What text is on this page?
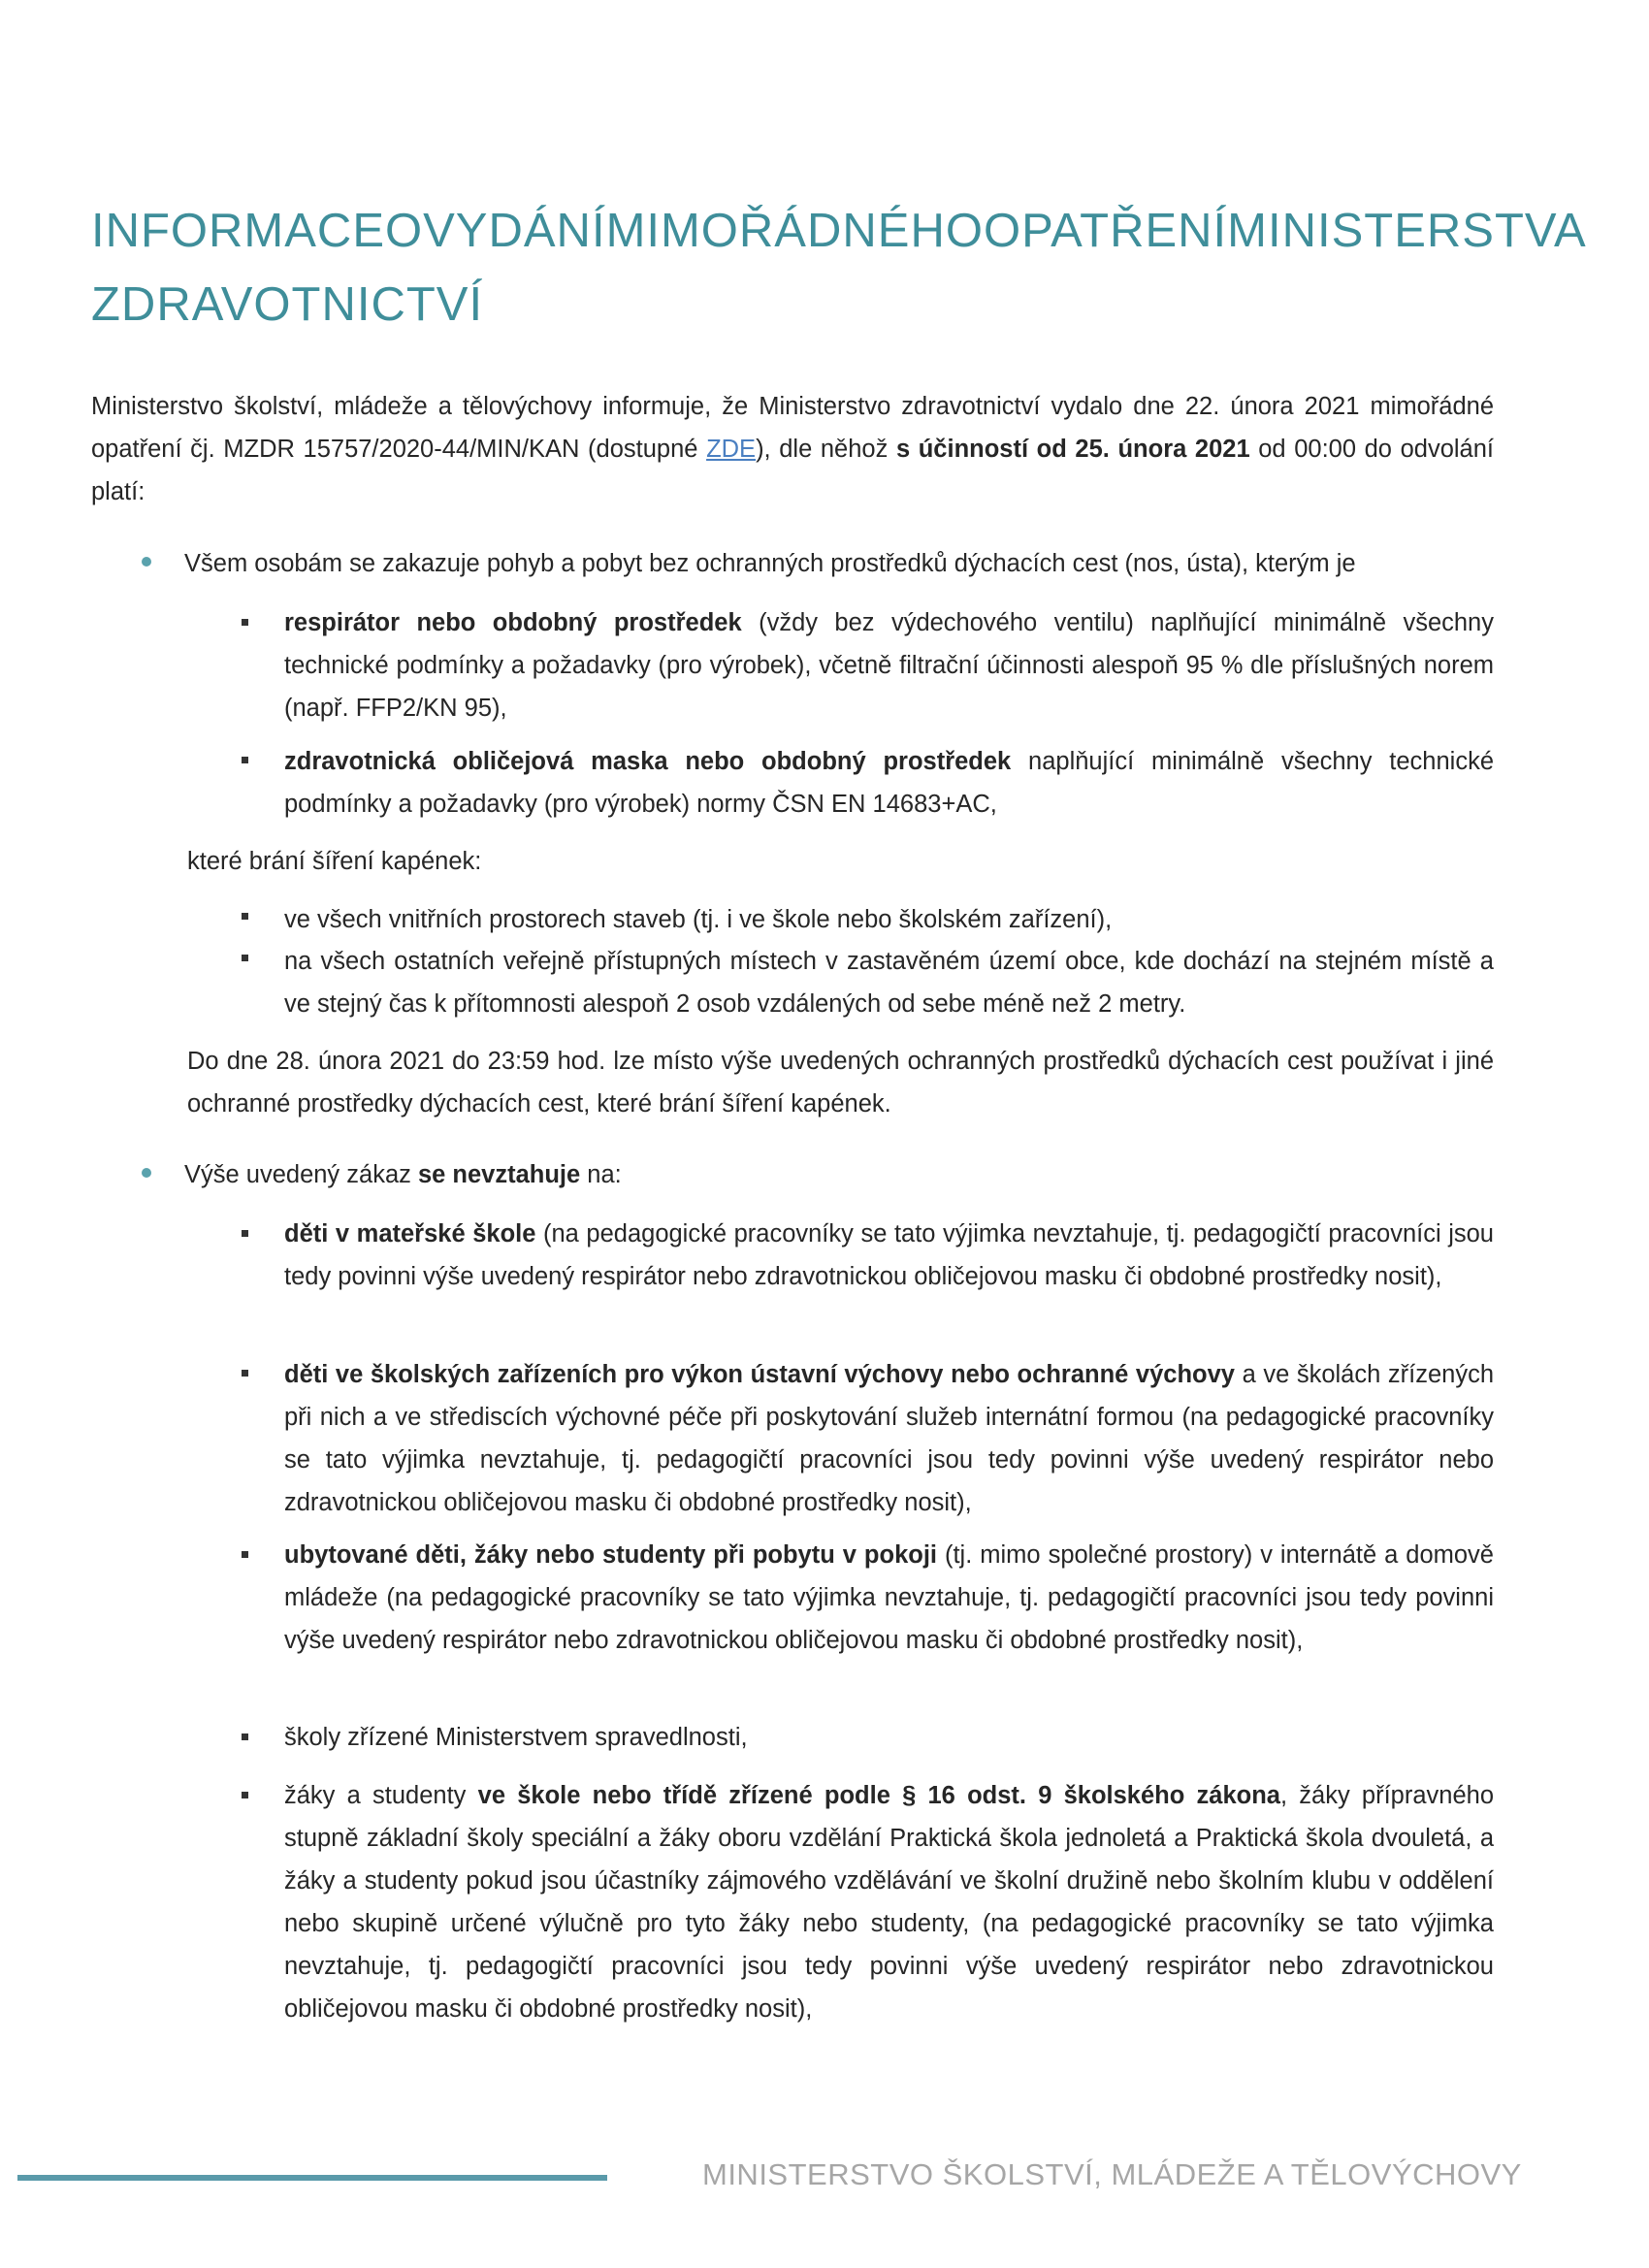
INFORMACE O VYDÁNÍ MIMOŘÁDNÉHO OPATŘENÍ MINISTERSTVA
ZDRAVOTNICTVÍ

Ministerstvo školství, mládeže a tělovýchovy informuje, že Ministerstvo zdravotnictví vydalo dne 22. února 2021 mimořádné opatření čj. MZDR 15757/2020-44/MIN/KAN (dostupné ZDE), dle něhož s účinností od 25. února 2021 od 00:00 do odvolání platí:

Všem osobám se zakazuje pohyb a pobyt bez ochranných prostředků dýchacích cest (nos, ústa), kterým je
respirátor nebo obdobný prostředek (vždy bez výdechového ventilu) naplňující minimálně všechny technické podmínky a požadavky (pro výrobek), včetně filtrační účinnosti alespoň 95 % dle příslušných norem (např. FFP2/KN 95),
zdravotnická obličejová maska nebo obdobný prostředek naplňující minimálně všechny technické podmínky a požadavky (pro výrobek) normy ČSN EN 14683+AC,
které brání šíření kapének:
ve všech vnitřních prostorech staveb (tj. i ve škole nebo školském zařízení),
na všech ostatních veřejně přístupných místech v zastavěném území obce, kde dochází na stejném místě a ve stejný čas k přítomnosti alespoň 2 osob vzdálených od sebe méně než 2 metry.
Do dne 28. února 2021 do 23:59 hod. lze místo výše uvedených ochranných prostředků dýchacích cest používat i jiné ochranné prostředky dýchacích cest, které brání šíření kapének.
Výše uvedený zákaz se nevztahuje na:
děti v mateřské škole (na pedagogické pracovníky se tato výjimka nevztahuje, tj. pedagogičtí pracovníci jsou tedy povinni výše uvedený respirátor nebo zdravotnickou obličejovou masku či obdobné prostředky nosit),
děti ve školských zařízeních pro výkon ústavní výchovy nebo ochranné výchovy a ve školách zřízených při nich a ve střediscích výchovné péče při poskytování služeb internátní formou (na pedagogické pracovníky se tato výjimka nevztahuje, tj. pedagogičtí pracovníci jsou tedy povinni výše uvedený respirátor nebo zdravotnickou obličejovou masku či obdobné prostředky nosit),
ubytované děti, žáky nebo studenty při pobytu v pokoji (tj. mimo společné prostory) v internátě a domově mládeže (na pedagogické pracovníky se tato výjimka nevztahuje, tj. pedagogičtí pracovníci jsou tedy povinni výše uvedený respirátor nebo zdravotnickou obličejovou masku či obdobné prostředky nosit),
školy zřízené Ministerstvem spravedlnosti,
žáky a studenty ve škole nebo třídě zřízené podle § 16 odst. 9 školského zákona, žáky přípravného stupně základní školy speciální a žáky oboru vzdělání Praktická škola jednoletá a Praktická škola dvouletá, a žáky a studenty pokud jsou účastníky zájmového vzdělávání ve školní družině nebo školním klubu v oddělení nebo skupině určené výlučně pro tyto žáky nebo studenty, (na pedagogické pracovníky se tato výjimka nevztahuje, tj. pedagogičtí pracovníci jsou tedy povinni výše uvedený respirátor nebo zdravotnickou obličejovou masku či obdobné prostředky nosit),
MINISTERSTVO ŠKOLSTVÍ, MLÁDEŽE A TĚLOVÝCHOVY
